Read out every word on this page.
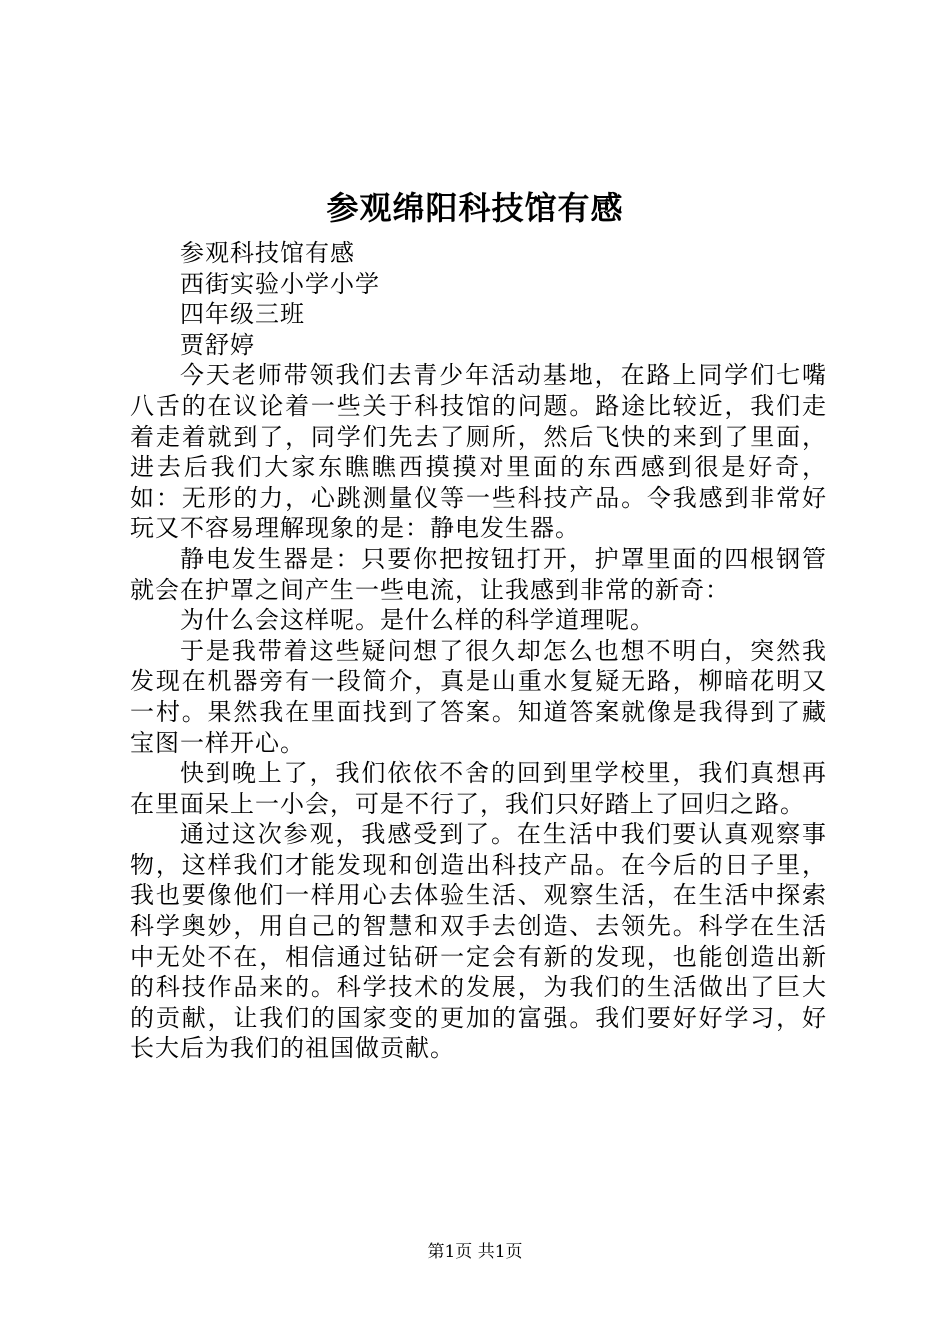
参观绵阳科技馆有感

参观科技馆有感

西街实验小学小学

四年级三班

贾舒婷

今天老师带领我们去青少年活动基地，在路上同学们七嘴八舌的在议论着一些关于科技馆的问题。路途比较近，我们走着走着就到了，同学们先去了厕所，然后飞快的来到了里面，进去后我们大家东瞧瞧西摸摸对里面的东西感到很是好奇，如：无形的力，心跳测量仪等一些科技产品。令我感到非常好玩又不容易理解现象的是：静电发生器。

静电发生器是：只要你把按钮打开，护罩里面的四根钢管就会在护罩之间产生一些电流，让我感到非常的新奇：

为什么会这样呢。是什么样的科学道理呢。

于是我带着这些疑问想了很久却怎么也想不明白，突然我发现在机器旁有一段简介，真是山重水复疑无路，柳暗花明又一村。果然我在里面找到了答案。知道答案就像是我得到了藏宝图一样开心。

快到晚上了，我们依依不舍的回到里学校里，我们真想再在里面呆上一小会，可是不行了，我们只好踏上了回归之路。

通过这次参观，我感受到了。在生活中我们要认真观察事物，这样我们才能发现和创造出科技产品。在今后的日子里，我也要像他们一样用心去体验生活、观察生活，在生活中探索科学奥妙，用自己的智慧和双手去创造、去领先。科学在生活中无处不在，相信通过钻研一定会有新的发现，也能创造出新的科技作品来的。科学技术的发展，为我们的生活做出了巨大的贡献，让我们的国家变的更加的富强。我们要好好学习，好长大后为我们的祖国做贡献。

第1页 共1页
